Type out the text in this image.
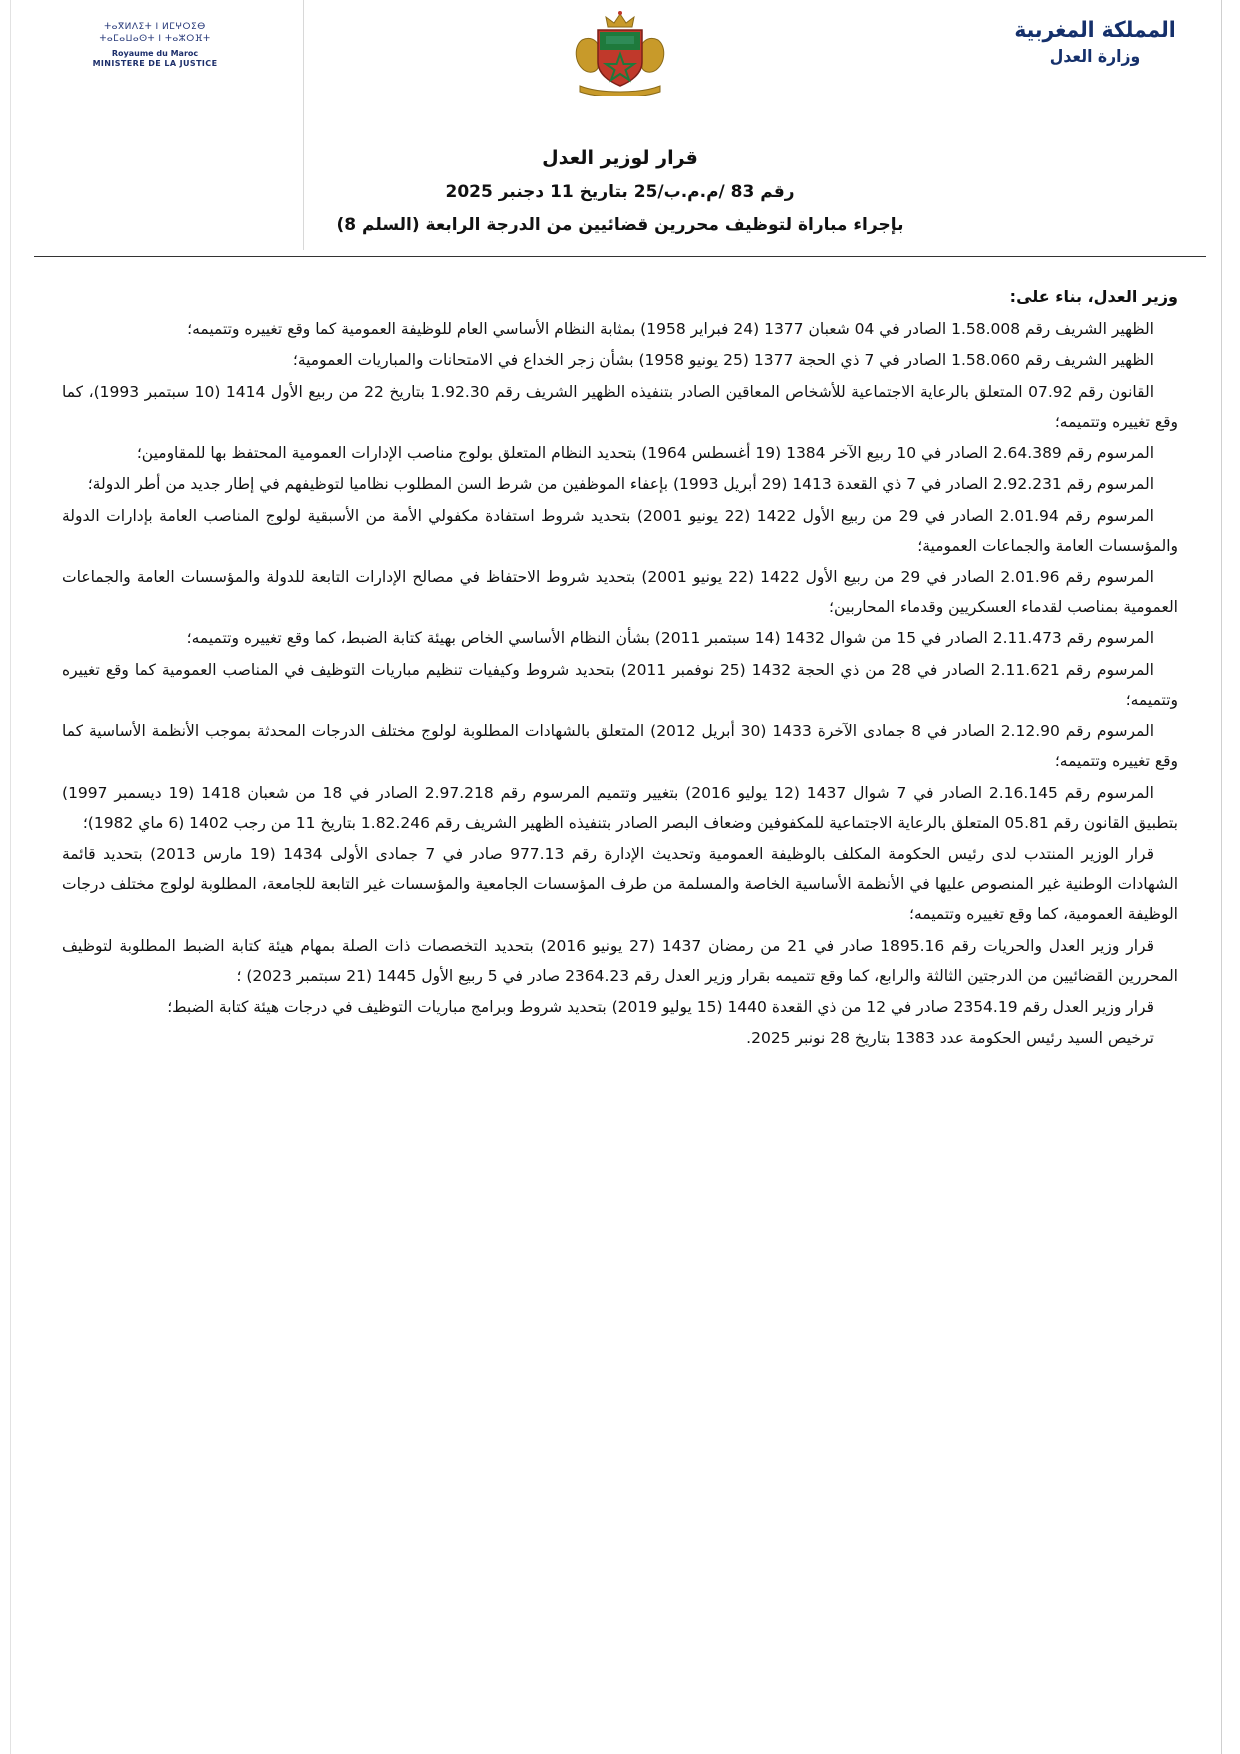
ⵜⴰⴳⵍⴷⵉⵜ ⵏ ⵍⵎⵖⵔⵉⴱ
ⵜⴰⵎⴰⵡⴰⵙⵜ ⵏ ⵜⴰⵣⵔⴼⵜ
Royaume du Maroc
MINISTERE DE LA JUSTICE
المملكة المغربية
وزارة العدل
قرار لوزير العدل
رقم 83 /م.م.ب/25 بتاريخ 11 دجنبر 2025
بإجراء مباراة لتوظيف محررين قضائيين من الدرجة الرابعة (السلم 8)
وزير العدل، بناء على:

الظهير الشريف رقم 1.58.008 الصادر في 04 شعبان 1377 (24 فبراير 1958) بمثابة النظام الأساسي العام للوظيفة العمومية كما وقع تغييره وتتميمه؛

الظهير الشريف رقم 1.58.060 الصادر في 7 ذي الحجة 1377 (25 يونيو 1958) بشأن زجر الخداع في الامتحانات والمباريات العمومية؛

القانون رقم 07.92 المتعلق بالرعاية الاجتماعية للأشخاص المعاقين الصادر بتنفيذه الظهير الشريف رقم 1.92.30 بتاريخ 22 من ربيع الأول 1414 (10 سبتمبر 1993)، كما وقع تغييره وتتميمه؛

المرسوم رقم 2.64.389 الصادر في 10 ربيع الآخر 1384 (19 أغسطس 1964) بتحديد النظام المتعلق بولوج مناصب الإدارات العمومية المحتفظ بها للمقاومين؛

المرسوم رقم 2.92.231 الصادر في 7 ذي القعدة 1413 (29 أبريل 1993) بإعفاء الموظفين من شرط السن المطلوب نظاميا لتوظيفهم في إطار جديد من أطر الدولة؛

المرسوم رقم 2.01.94 الصادر في 29 من ربيع الأول 1422 (22 يونيو 2001) بتحديد شروط استفادة مكفولي الأمة من الأسبقية لولوج المناصب العامة بإدارات الدولة والمؤسسات العامة والجماعات العمومية؛

المرسوم رقم 2.01.96 الصادر في 29 من ربيع الأول 1422 (22 يونيو 2001) بتحديد شروط الاحتفاظ في مصالح الإدارات التابعة للدولة والمؤسسات العامة والجماعات العمومية بمناصب لقدماء العسكريين وقدماء المحاربين؛

المرسوم رقم 2.11.473 الصادر في 15 من شوال 1432 (14 سبتمبر 2011) بشأن النظام الأساسي الخاص بهيئة كتابة الضبط، كما وقع تغييره وتتميمه؛

المرسوم رقم 2.11.621 الصادر في 28 من ذي الحجة 1432 (25 نوفمبر 2011) بتحديد شروط وكيفيات تنظيم مباريات التوظيف في المناصب العمومية كما وقع تغييره وتتميمه؛

المرسوم رقم 2.12.90 الصادر في 8 جمادى الآخرة 1433 (30 أبريل 2012) المتعلق بالشهادات المطلوبة لولوج مختلف الدرجات المحدثة بموجب الأنظمة الأساسية كما وقع تغييره وتتميمه؛

المرسوم رقم 2.16.145 الصادر في 7 شوال 1437 (12 يوليو 2016) بتغيير وتتميم المرسوم رقم 2.97.218 الصادر في 18 من شعبان 1418 (19 ديسمبر 1997) بتطبيق القانون رقم 05.81 المتعلق بالرعاية الاجتماعية للمكفوفين وضعاف البصر الصادر بتنفيذه الظهير الشريف رقم 1.82.246 بتاريخ 11 من رجب 1402 (6 ماي 1982)؛

قرار الوزير المنتدب لدى رئيس الحكومة المكلف بالوظيفة العمومية وتحديث الإدارة رقم 977.13 صادر في 7 جمادى الأولى 1434 (19 مارس 2013) بتحديد قائمة الشهادات الوطنية غير المنصوص عليها في الأنظمة الأساسية الخاصة والمسلمة من طرف المؤسسات الجامعية والمؤسسات غير التابعة للجامعة، المطلوبة لولوج مختلف درجات الوظيفة العمومية، كما وقع تغييره وتتميمه؛

قرار وزير العدل والحريات رقم 1895.16 صادر في 21 من رمضان 1437 (27 يونيو 2016) بتحديد التخصصات ذات الصلة بمهام هيئة كتابة الضبط المطلوبة لتوظيف المحررين القضائيين من الدرجتين الثالثة والرابع، كما وقع تتميمه بقرار وزير العدل رقم 2364.23 صادر في 5 ربيع الأول 1445 (21 سبتمبر 2023) ؛

قرار وزير العدل رقم 2354.19 صادر في 12 من ذي القعدة 1440 (15 يوليو 2019) بتحديد شروط وبرامج مباريات التوظيف في درجات هيئة كتابة الضبط؛

ترخيص السيد رئيس الحكومة عدد 1383 بتاريخ 28 نونبر 2025.
